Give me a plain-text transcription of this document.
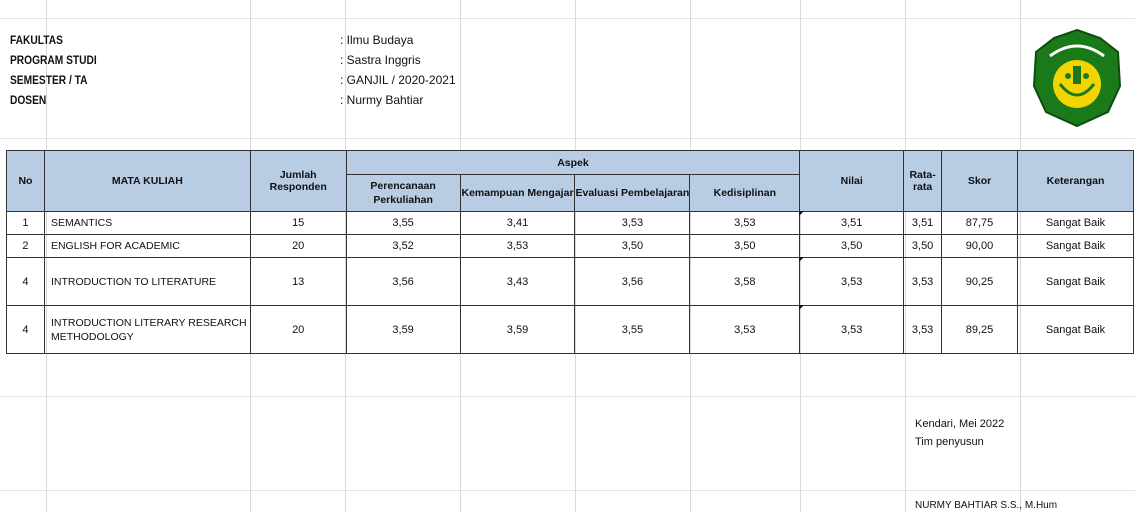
FAKULTAS	: Ilmu Budaya
PROGRAM STUDI	: Sastra Inggris
SEMESTER / TA	: GANJIL / 2020-2021
DOSEN	: Nurmy Bahtiar
No	MATA KULIAH	Jumlah Responden	Aspek				Nilai	Rata-rata	Skor	Keterangan
			Perencanaan Perkuliahan	Kemampuan Mengajar	Evaluasi Pembelajaran	Kedisiplinan				
1	SEMANTICS	15	3,55	3,41	3,53	3,53	3,51	3,51	87,75	Sangat Baik
2	ENGLISH FOR ACADEMIC	20	3,52	3,53	3,50	3,50	3,50	3,50	90,00	Sangat Baik
4	INTRODUCTION TO LITERATURE	13	3,56	3,43	3,56	3,58	3,53	3,53	90,25	Sangat Baik
4	INTRODUCTION LITERARY RESEARCH METHODOLOGY	20	3,59	3,59	3,55	3,53	3,53	3,53	89,25	Sangat Baik
Kendari, Mei 2022
Tim penyusun
NURMY BAHTIAR S.S., M.Hum
